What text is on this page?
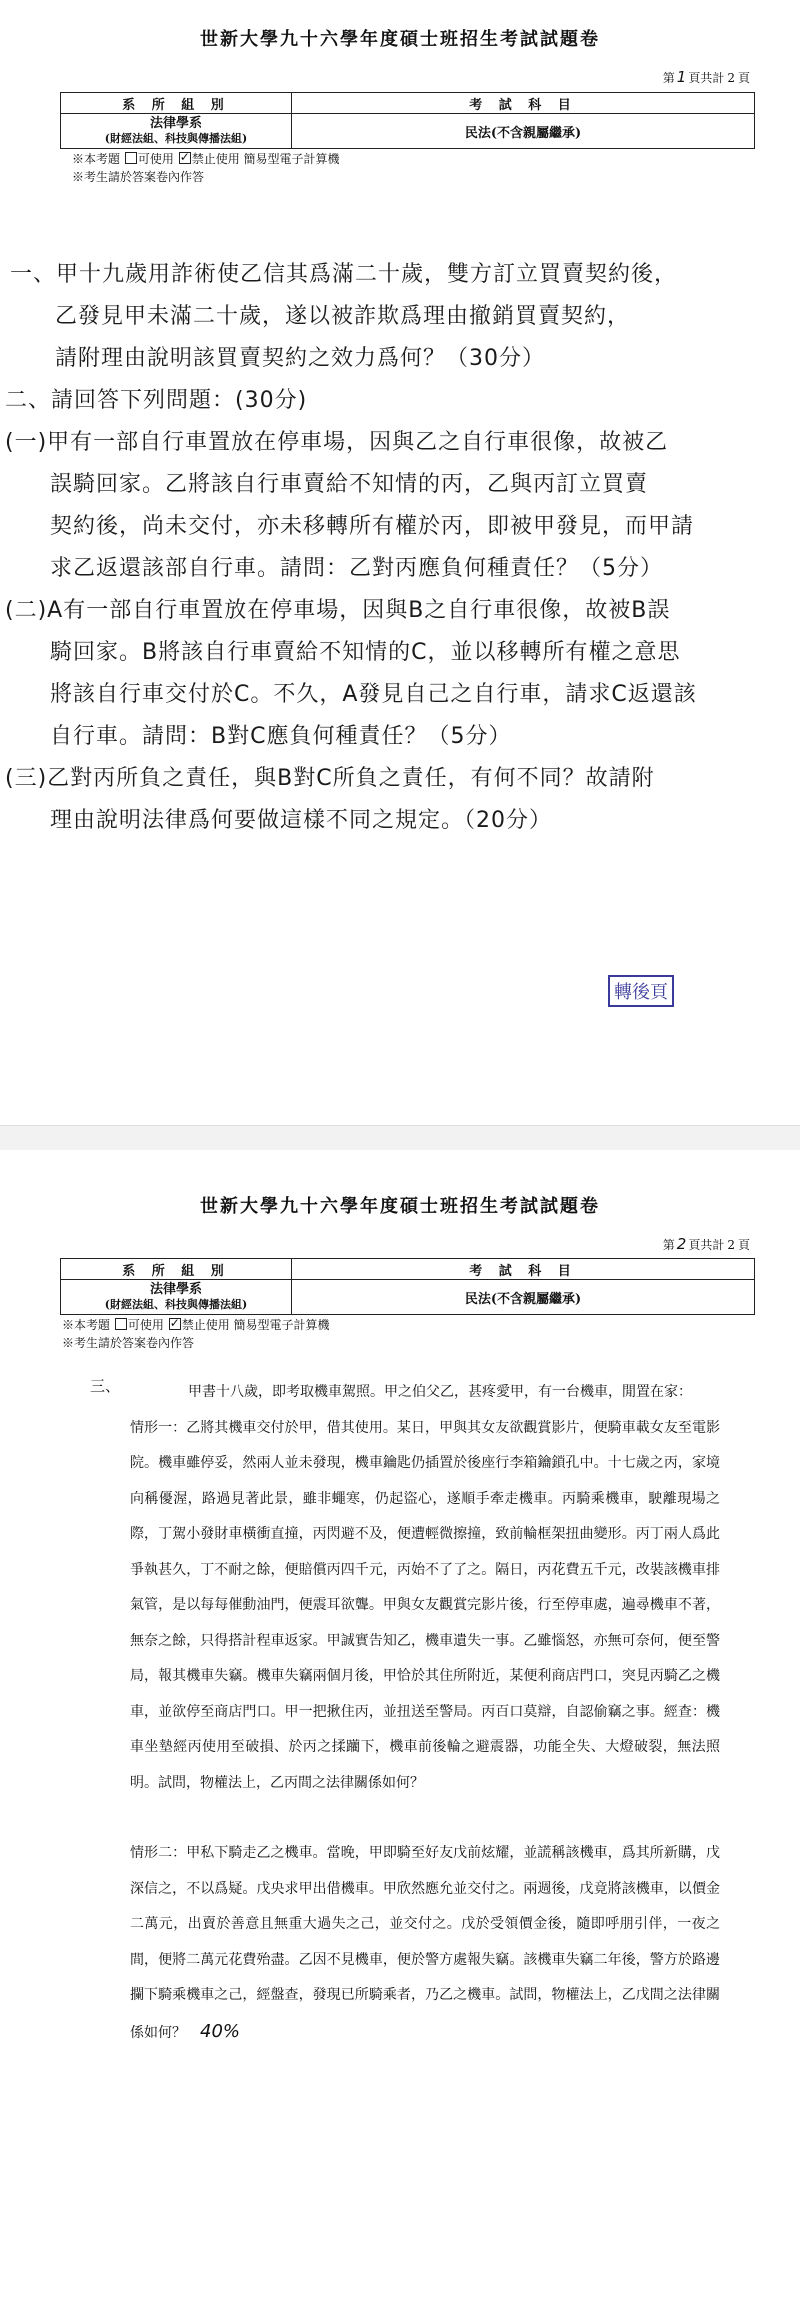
世新大學九十六學年度碩士班招生考試試題卷
第 1 頁共計 2 頁
系 所 組 別	考 試 科 目

法律學系
(財經法組、科技與傳播法組)	民法(不含親屬繼承)
※本考題 可使用 ✓ 禁止使用 簡易型電子計算機
※考生請於答案卷內作答
一、甲十九歲用詐術使乙信其爲滿二十歲，雙方訂立買賣契約後，
乙發見甲未滿二十歲，遂以被詐欺爲理由撤銷買賣契約，
請附理由說明該買賣契約之效力爲何？（30分）
二、請回答下列問題：(30分)
(一)甲有一部自行車置放在停車場，因與乙之自行車很像，故被乙
誤騎回家。乙將該自行車賣給不知情的丙，乙與丙訂立買賣
契約後，尚未交付，亦未移轉所有權於丙，即被甲發見，而甲請
求乙返還該部自行車。請問：乙對丙應負何種責任？（5分）
(二)A有一部自行車置放在停車場，因與B之自行車很像，故被B誤
騎回家。B將該自行車賣給不知情的C，並以移轉所有權之意思
將該自行車交付於C。不久，A發見自己之自行車，請求C返還該
自行車。請問：B對C應負何種責任？（5分）
(三)乙對丙所負之責任，與B對C所負之責任，有何不同？故請附
理由說明法律爲何要做這樣不同之規定。（20分）
轉後頁
世新大學九十六學年度碩士班招生考試試題卷
第 2 頁共計 2 頁
系 所 組 別	考 試 科 目

法律學系
(財經法組、科技與傳播法組)	民法(不含親屬繼承)
※本考題 可使用 ✓ 禁止使用 簡易型電子計算機
※考生請於答案卷內作答
三、	甲書十八歲，即考取機車駕照。甲之伯父乙，甚疼愛甲，有一台機車，閒置在家：

情形一：乙將其機車交付於甲，借其使用。某日，甲與其女友欲觀賞影片，便騎車載女友至電影院。機車雖停妥，然兩人並未發現，機車鑰匙仍插置於後座行李箱鑰鎖孔中。十七歲之丙，家境向稱優渥，路過見著此景，雖非蠅寒，仍起盜心，遂順手牽走機車。丙騎乘機車，駛離現場之際，丁駕小發財車橫衝直撞，丙閃避不及，便遭輕微擦撞，致前輪框架扭曲變形。丙丁兩人爲此爭執甚久，丁不耐之餘，便賠償丙四千元，丙始不了了之。隔日，丙花費五千元，改裝該機車排氣管，是以每每催動油門，便震耳欲聾。甲與女友觀賞完影片後，行至停車處，遍尋機車不著，無奈之餘，只得搭計程車返家。甲誠實告知乙，機車遺失一事。乙雖惱怒，亦無可奈何，便至警局，報其機車失竊。機車失竊兩個月後，甲恰於其住所附近，某便利商店門口，突見丙騎乙之機車，並欲停至商店門口。甲一把揪住丙，並扭送至警局。丙百口莫辯，自認偷竊之事。經查：機車坐墊經丙使用至破損、於丙之揉躪下，機車前後輪之避震器，功能全失、大燈破裂，無法照明。試問，物權法上，乙丙間之法律關係如何？

情形二：甲私下騎走乙之機車。當晚，甲即騎至好友戊前炫耀，並謊稱該機車，爲其所新購，戊深信之，不以爲疑。戊央求甲出借機車。甲欣然應允並交付之。兩週後，戊竟將該機車，以價金二萬元，出賣於善意且無重大過失之己，並交付之。戊於受領價金後，隨即呼朋引伴，一夜之間，便將二萬元花費殆盡。乙因不見機車，便於警方處報失竊。該機車失竊二年後，警方於路邊攔下騎乘機車之己，經盤查，發現已所騎乘者，乃乙之機車。試問，物權法上，乙戊間之法律關係如何？ 40%
